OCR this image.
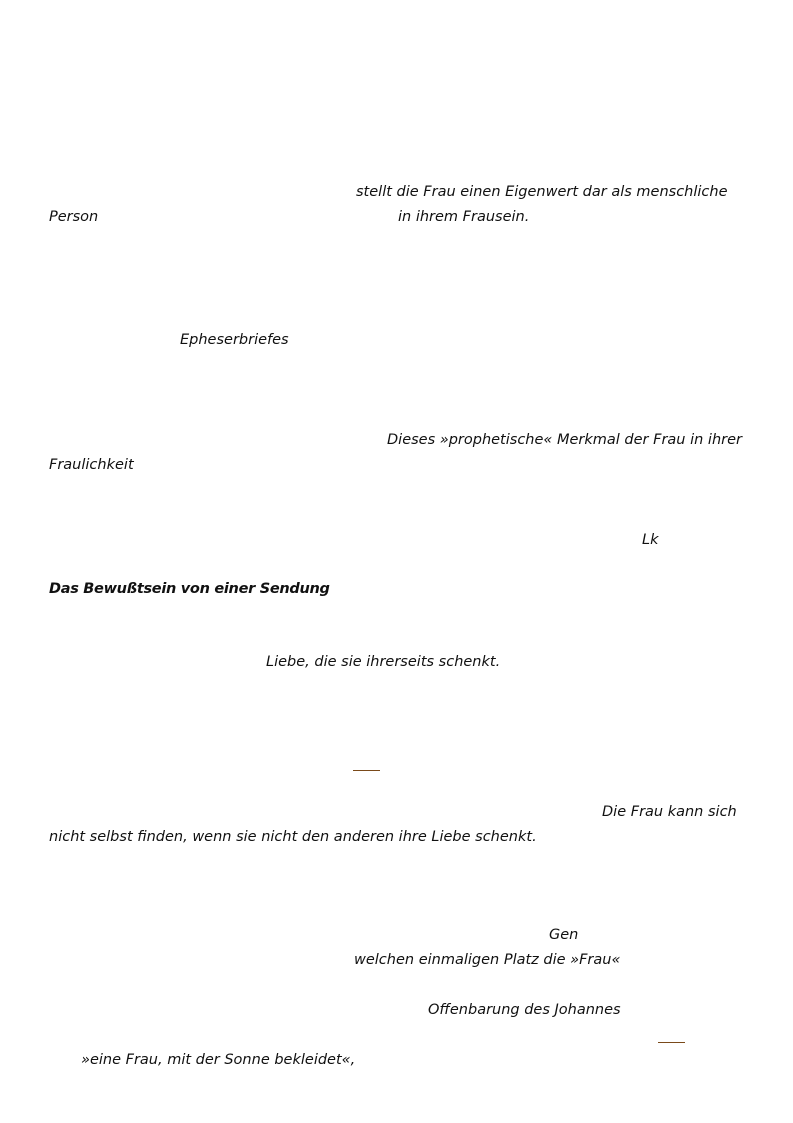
stellt die Frau einen Eigenwert dar als menschliche
Person	in ihrem Frausein.
Epheserbriefes
Dieses »prophetische« Merkmal der Frau in ihrer
Fraulichkeit
Lk
Das Bewußtsein von einer Sendung
Liebe, die sie ihrerseits schenkt.
Die Frau kann sich
nicht selbst finden, wenn sie nicht den anderen ihre Liebe schenkt.
Gen
welchen einmaligen Platz die »Frau«
Offenbarung des Johannes
»eine Frau, mit der Sonne bekleidet«,
